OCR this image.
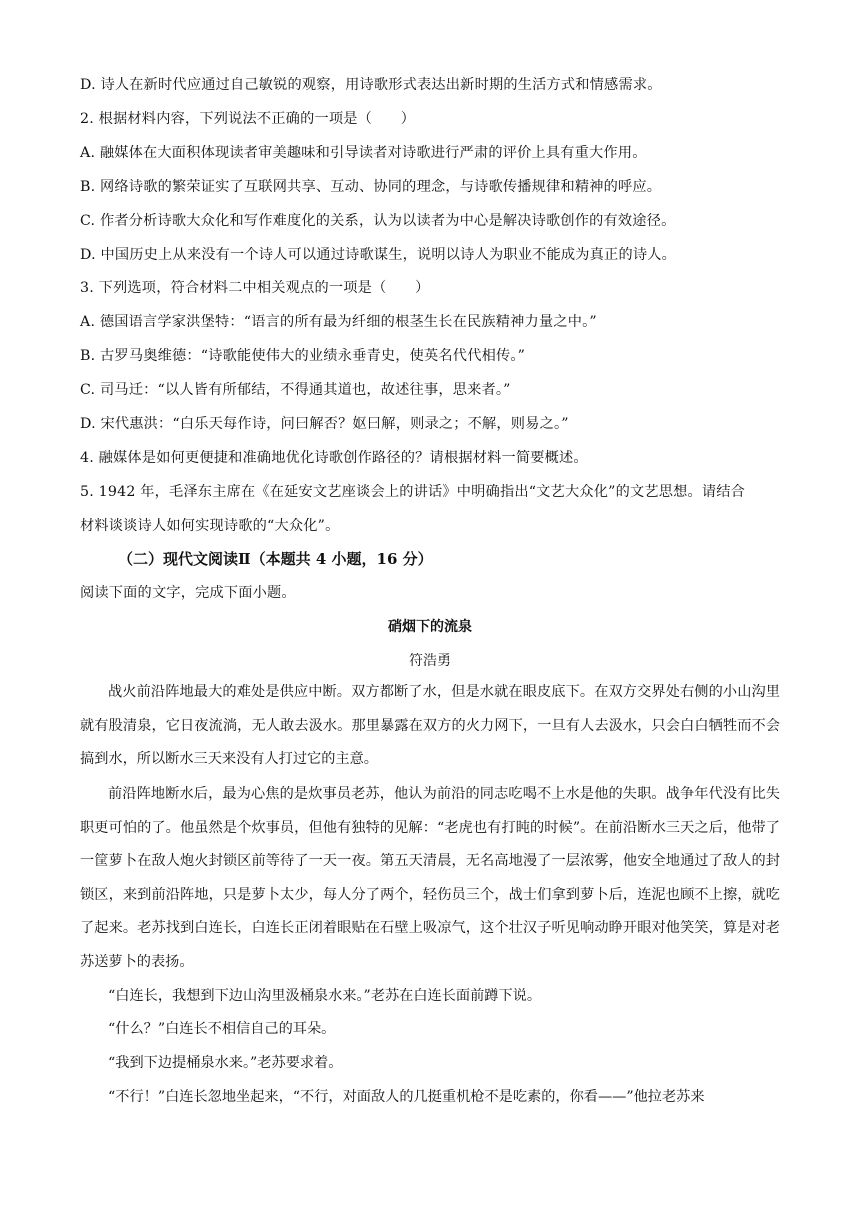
D. 诗人在新时代应通过自己敏锐的观察，用诗歌形式表达出新时期的生活方式和情感需求。
2. 根据材料内容，下列说法不正确的一项是（　　）
A. 融媒体在大面积体现读者审美趣味和引导读者对诗歌进行严肃的评价上具有重大作用。
B. 网络诗歌的繁荣证实了互联网共享、互动、协同的理念，与诗歌传播规律和精神的呼应。
C. 作者分析诗歌大众化和写作难度化的关系，认为以读者为中心是解决诗歌创作的有效途径。
D. 中国历史上从来没有一个诗人可以通过诗歌谋生，说明以诗人为职业不能成为真正的诗人。
3. 下列选项，符合材料二中相关观点的一项是（　　）
A. 德国语言学家洪堡特：“语言的所有最为纤细的根茎生长在民族精神力量之中。”
B. 古罗马奥维德：“诗歌能使伟大的业绩永垂青史，使英名代代相传。”
C. 司马迁：“以人皆有所郁结，不得通其道也，故述往事，思来者。”
D. 宋代惠洪：“白乐天每作诗，问曰解否？妪曰解，则录之；不解，则易之。”
4. 融媒体是如何更便捷和准确地优化诗歌创作路径的？请根据材料一简要概述。
5. 1942 年，毛泽东主席在《在延安文艺座谈会上的讲话》中明确指出“文艺大众化”的文艺思想。请结合
材料谈谈诗人如何实现诗歌的“大众化”。
（二）现代文阅读Ⅱ（本题共 4 小题，16 分）
阅读下面的文字，完成下面小题。
硝烟下的流泉
符浩勇
战火前沿阵地最大的难处是供应中断。双方都断了水，但是水就在眼皮底下。在双方交界处右侧的小山沟里就有股清泉，它日夜流淌，无人敢去汲水。那里暴露在双方的火力网下，一旦有人去汲水，只会白白牺牲而不会搞到水，所以断水三天来没有人打过它的主意。
前沿阵地断水后，最为心焦的是炊事员老苏，他认为前沿的同志吃喝不上水是他的失职。战争年代没有比失职更可怕的了。他虽然是个炊事员，但他有独特的见解：“老虎也有打盹的时候”。在前沿断水三天之后，他带了一筐萝卜在敌人炮火封锁区前等待了一天一夜。第五天清晨，无名高地漫了一层浓雾，他安全地通过了敌人的封锁区，来到前沿阵地，只是萝卜太少，每人分了两个，轻伤员三个，战士们拿到萝卜后，连泥也顾不上擦，就吃了起来。老苏找到白连长，白连长正闭着眼贴在石壁上吸凉气，这个壮汉子听见响动睁开眼对他笑笑，算是对老苏送萝卜的表扬。
“白连长，我想到下边山沟里汲桶泉水来。”老苏在白连长面前蹲下说。
“什么？”白连长不相信自己的耳朵。
“我到下边提桶泉水来。”老苏要求着。
“不行！”白连长忽地坐起来，“不行，对面敌人的几挺重机枪不是吃素的，你看——”他拉老苏来
